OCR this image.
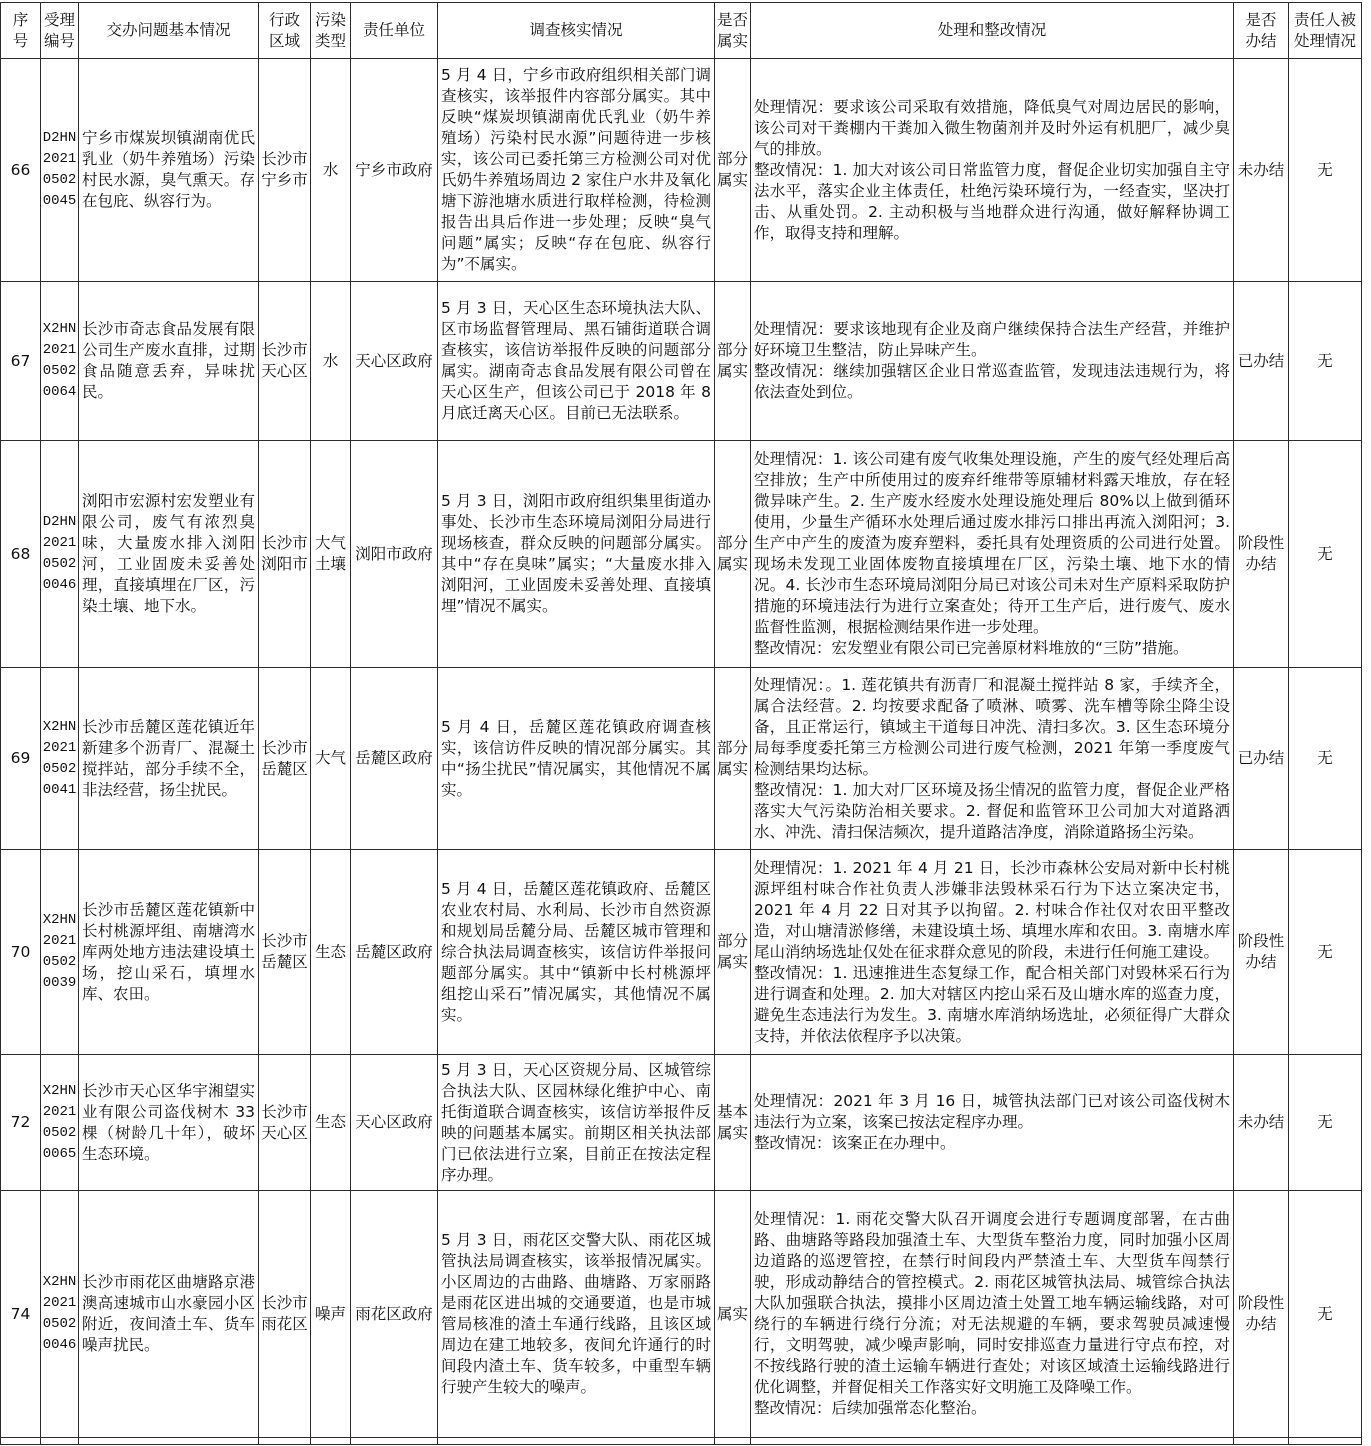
序号	受理编号	交办问题基本情况	行政区域	污染类型	责任单位	调查核实情况	是否属实	处理和整改情况	是否办结	责任人被处理情况
66	D2HN202105020045	宁乡市煤炭坝镇湖南优氏乳业（奶牛养殖场）污染村民水源，臭气熏天。存在包庇、纵容行为。	长沙市宁乡市	水	宁乡市政府	5 月 4 日，宁乡市政府组织相关部门调查核实，该举报件内容部分属实。其中反映“煤炭坝镇湖南优氏乳业（奶牛养殖场）污染村民水源”问题待进一步核实，该公司已委托第三方检测公司对优氏奶牛养殖场周边 2 家住户水井及氧化塘下游池塘水质进行取样检测，待检测报告出具后作进一步处理；反映“臭气问题”属实；反映“存在包庇、纵容行为”不属实。	部分属实	处理情况：要求该公司采取有效措施，降低臭气对周边居民的影响，该公司对干粪棚内干粪加入微生物菌剂并及时外运有机肥厂，减少臭气的排放。
整改情况：1. 加大对该公司日常监管力度，督促企业切实加强自主守法水平，落实企业主体责任，杜绝污染环境行为，一经查实，坚决打击、从重处罚。2. 主动积极与当地群众进行沟通，做好解释协调工作，取得支持和理解。	未办结	无
67	X2HN202105020064	长沙市奇志食品发展有限公司生产废水直排，过期食品随意丢弃，异味扰民。	长沙市天心区	水	天心区政府	5 月 3 日，天心区生态环境执法大队、区市场监督管理局、黑石铺街道联合调查核实，该信访举报件反映的问题部分属实。湖南奇志食品发展有限公司曾在天心区生产，但该公司已于 2018 年 8 月底迁离天心区。目前已无法联系。	部分属实	处理情况：要求该地现有企业及商户继续保持合法生产经营，并维护好环境卫生整洁，防止异味产生。
整改情况：继续加强辖区企业日常巡查监管，发现违法违规行为，将依法查处到位。	已办结	无
68	D2HN202105020046	浏阳市宏源村宏发塑业有限公司，废气有浓烈臭味，大量废水排入浏阳河，工业固废未妥善处理，直接填埋在厂区，污染土壤、地下水。	长沙市浏阳市	大气 土壤	浏阳市政府	5 月 3 日，浏阳市政府组织集里街道办事处、长沙市生态环境局浏阳分局进行现场核查，群众反映的问题部分属实。其中“存在臭味”属实；“大量废水排入浏阳河，工业固废未妥善处理、直接填埋”情况不属实。	部分属实	处理情况：1. 该公司建有废气收集处理设施，产生的废气经处理后高空排放；生产中所使用过的废弃纤维带等原辅材料露天堆放，存在轻微异味产生。2. 生产废水经废水处理设施处理后 80%以上做到循环使用，少量生产循环水处理后通过废水排污口排出再流入浏阳河；3. 生产中产生的废渣为废弃塑料，委托具有处理资质的公司进行处置。现场未发现工业固体废物直接填埋在厂区，污染土壤、地下水的情况。4. 长沙市生态环境局浏阳分局已对该公司未对生产原料采取防护措施的环境违法行为进行立案查处；待开工生产后，进行废气、废水监督性监测，根据检测结果作进一步处理。
整改情况：宏发塑业有限公司已完善原材料堆放的“三防”措施。	阶段性办结	无
69	X2HN202105020041	长沙市岳麓区莲花镇近年新建多个沥青厂、混凝土搅拌站，部分手续不全，非法经营，扬尘扰民。	长沙市岳麓区	大气	岳麓区政府	5 月 4 日，岳麓区莲花镇政府调查核实，该信访件反映的情况部分属实。其中“扬尘扰民”情况属实，其他情况不属实。	部分属实	处理情况：。1. 莲花镇共有沥青厂和混凝土搅拌站 8 家，手续齐全，属合法经营。2. 均按要求配备了喷淋、喷雾、洗车槽等除尘降尘设备，且正常运行，镇域主干道每日冲洗、清扫多次。3. 区生态环境分局每季度委托第三方检测公司进行废气检测，2021 年第一季度废气检测结果均达标。
整改情况：1. 加大对厂区环境及扬尘情况的监管力度，督促企业严格落实大气污染防治相关要求。2. 督促和监管环卫公司加大对道路洒水、冲洗、清扫保洁频次，提升道路洁净度，消除道路扬尘污染。	已办结	无
70	X2HN202105020039	长沙市岳麓区莲花镇新中长村桃源坪组、南塘湾水库两处地方违法建设填土场，挖山采石，填埋水库、农田。	长沙市岳麓区	生态	岳麓区政府	5 月 4 日，岳麓区莲花镇政府、岳麓区农业农村局、水利局、长沙市自然资源和规划局岳麓分局、岳麓区城市管理和综合执法局调查核实，该信访件举报问题部分属实。其中“镇新中长村桃源坪组挖山采石”情况属实，其他情况不属实。	部分属实	处理情况：1. 2021 年 4 月 21 日，长沙市森林公安局对新中长村桃源坪组村味合作社负责人涉嫌非法毁林采石行为下达立案决定书，2021 年 4 月 22 日对其予以拘留。2. 村味合作社仅对农田平整改造，对山塘清淤修缮，未建设填土场、填埋水库和农田。3. 南塘水库尾山消纳场选址仅处在征求群众意见的阶段，未进行任何施工建设。
整改情况：1. 迅速推进生态复绿工作，配合相关部门对毁林采石行为进行调查和处理。2. 加大对辖区内挖山采石及山塘水库的巡查力度，避免生态违法行为发生。3. 南塘水库消纳场选址，必须征得广大群众支持，并依法依程序予以决策。	阶段性办结	无
72	X2HN202105020065	长沙市天心区华宇湘望实业有限公司盗伐树木 33 棵（树龄几十年），破坏生态环境。	长沙市天心区	生态	天心区政府	5 月 3 日，天心区资规分局、区城管综合执法大队、区园林绿化维护中心、南托街道联合调查核实，该信访举报件反映的问题基本属实。前期区相关执法部门已依法进行立案，目前正在按法定程序办理。	基本属实	处理情况：2021 年 3 月 16 日，城管执法部门已对该公司盗伐树木违法行为立案，该案已按法定程序办理。
整改情况：该案正在办理中。	未办结	无
74	X2HN202105020046	长沙市雨花区曲塘路京港澳高速城市山水豪园小区附近，夜间渣土车、货车噪声扰民。	长沙市雨花区	噪声	雨花区政府	5 月 3 日，雨花区交警大队、雨花区城管执法局调查核实，该举报情况属实。小区周边的古曲路、曲塘路、万家丽路是雨花区进出城的交通要道，也是市城管局核准的渣土车通行线路，且该区域周边在建工地较多，夜间允许通行的时间段内渣土车、货车较多，中重型车辆行驶产生较大的噪声。	属实	处理情况：1. 雨花交警大队召开调度会进行专题调度部署，在古曲路、曲塘路等路段加强渣土车、大型货车整治力度，同时加强小区周边道路的巡逻管控，在禁行时间段内严禁渣土车、大型货车闯禁行驶，形成动静结合的管控模式。2. 雨花区城管执法局、城管综合执法大队加强联合执法，摸排小区周边渣土处置工地车辆运输线路，对可绕行的车辆进行绕行分流；对无法规避的车辆，要求驾驶员减速慢行，文明驾驶，减少噪声影响，同时安排巡查力量进行守点布控，对不按线路行驶的渣土运输车辆进行查处；对该区域渣土运输线路进行优化调整，并督促相关工作落实好文明施工及降噪工作。
整改情况：后续加强常态化整治。	阶段性办结	无
